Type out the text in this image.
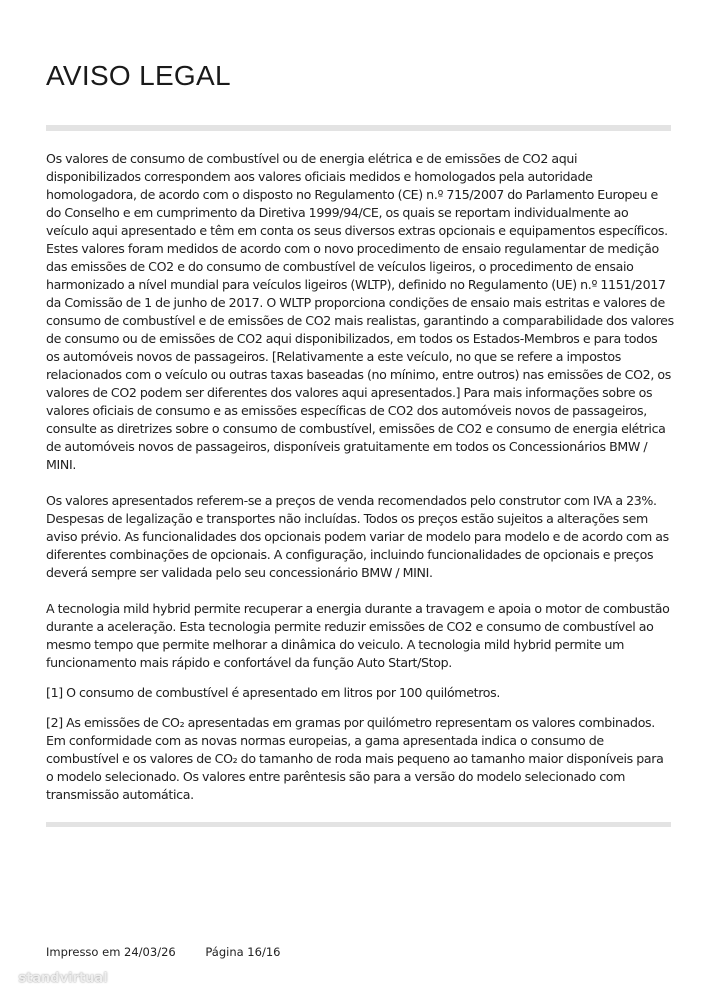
AVISO LEGAL

Os valores de consumo de combustível ou de energia elétrica e de emissões de CO2 aqui disponibilizados correspondem aos valores oficiais medidos e homologados pela autoridade homologadora, de acordo com o disposto no Regulamento (CE) n.º 715/2007 do Parlamento Europeu e do Conselho e em cumprimento da Diretiva 1999/94/CE, os quais se reportam individualmente ao veículo aqui apresentado e têm em conta os seus diversos extras opcionais e equipamentos específicos. Estes valores foram medidos de acordo com o novo procedimento de ensaio regulamentar de medição das emissões de CO2 e do consumo de combustível de veículos ligeiros, o procedimento de ensaio harmonizado a nível mundial para veículos ligeiros (WLTP), definido no Regulamento (UE) n.º 1151/2017 da Comissão de 1 de junho de 2017. O WLTP proporciona condições de ensaio mais estritas e valores de consumo de combustível e de emissões de CO2 mais realistas, garantindo a comparabilidade dos valores de consumo ou de emissões de CO2 aqui disponibilizados, em todos os Estados-Membros e para todos os automóveis novos de passageiros. [Relativamente a este veículo, no que se refere a impostos relacionados com o veículo ou outras taxas baseadas (no mínimo, entre outros) nas emissões de CO2, os valores de CO2 podem ser diferentes dos valores aqui apresentados.] Para mais informações sobre os valores oficiais de consumo e as emissões específicas de CO2 dos automóveis novos de passageiros, consulte as diretrizes sobre o consumo de combustível, emissões de CO2 e consumo de energia elétrica de automóveis novos de passageiros, disponíveis gratuitamente em todos os Concessionários BMW / MINI.

Os valores apresentados referem-se a preços de venda recomendados pelo construtor com IVA a 23%. Despesas de legalização e transportes não incluídas. Todos os preços estão sujeitos a alterações sem aviso prévio. As funcionalidades dos opcionais podem variar de modelo para modelo e de acordo com as diferentes combinações de opcionais. A configuração, incluindo funcionalidades de opcionais e preços deverá sempre ser validada pelo seu concessionário BMW / MINI.

A tecnologia mild hybrid permite recuperar a energia durante a travagem e apoia o motor de combustão durante a aceleração. Esta tecnologia permite reduzir emissões de CO2 e consumo de combustível ao mesmo tempo que permite melhorar a dinâmica do veiculo. A tecnologia mild hybrid permite um funcionamento mais rápido e confortável da função Auto Start/Stop.

[1] O consumo de combustível é apresentado em litros por 100 quilómetros.

[2] As emissões de CO₂ apresentadas em gramas por quilómetro representam os valores combinados. Em conformidade com as novas normas europeias, a gama apresentada indica o consumo de combustível e os valores de CO₂ do tamanho de roda mais pequeno ao tamanho maior disponíveis para o modelo selecionado. Os valores entre parêntesis são para a versão do modelo selecionado com transmissão automática.

Impresso em 24/03/26	Página 16/16
standvirtual
